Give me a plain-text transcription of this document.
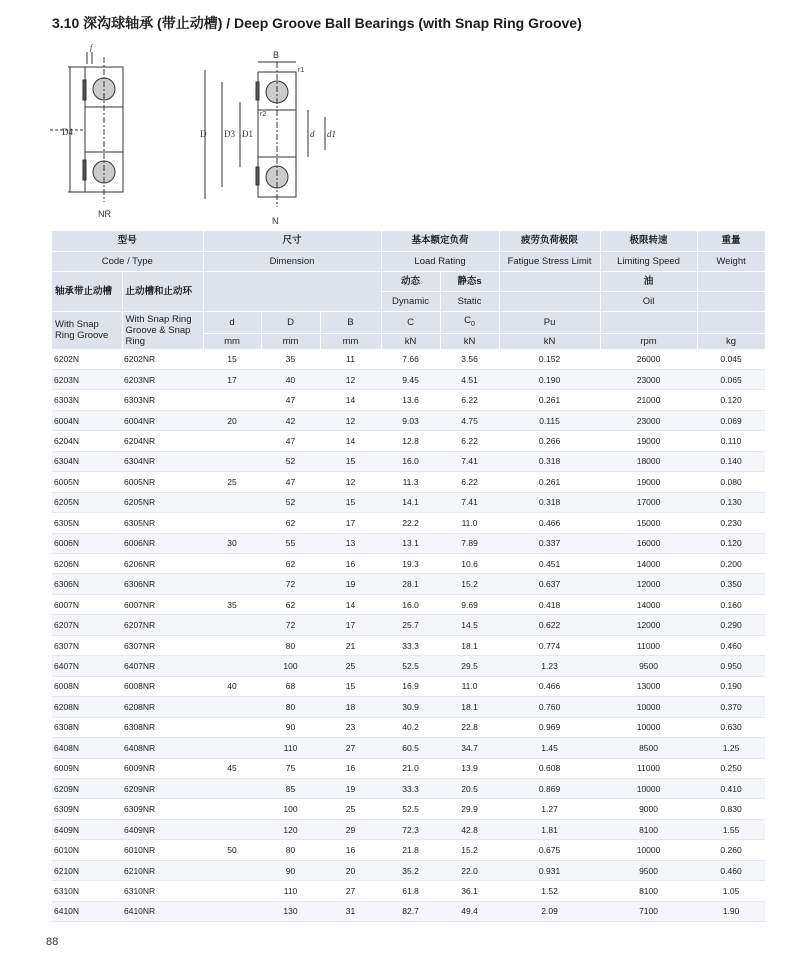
3.10 深沟球轴承 (带止动槽) / Deep Groove Ball Bearings (with Snap Ring Groove)
D4
f
NR
D D3 D1	d d1
B
r1
r2
N
型号		尺寸			基本额定负荷		疲劳负荷极限	极限转速	重量
Code / Type		Dimension			Load Rating		Fatigue Stress Limit	Limiting Speed	Weight
轴承带止动槽	止动槽和止动环				动态	静态s		油	
					Dynamic	Static		Oil	
With Snap Ring Groove	With Snap Ring Groove & Snap Ring	d	D	B	C	$C_0$	Pu		
		mm	mm	mm	kN	kN	kN	rpm	kg
6202N	6202NR	15	35	11	7.66	3.56	0.152	26000	0.045
6203N	6203NR	17	40	12	9.45	4.51	0.190	23000	0.065
6303N	6303NR		47	14	13.6	6.22	0.261	21000	0.120
6004N	6004NR	20	42	12	9.03	4.75	0.115	23000	0.069
6204N	6204NR		47	14	12.8	6.22	0.266	19000	0.110
6304N	6304NR		52	15	16.0	7.41	0.318	18000	0.140
6005N	6005NR	25	47	12	11.3	6.22	0.261	19000	0.080
6205N	6205NR		52	15	14.1	7.41	0.318	17000	0.130
6305N	6305NR		62	17	22.2	11.0	0.466	15000	0.230
6006N	6006NR	30	55	13	13.1	7.89	0.337	16000	0.120
6206N	6206NR		62	16	19.3	10.6	0.451	14000	0.200
6306N	6306NR		72	19	28.1	15.2	0.637	12000	0.350
6007N	6007NR	35	62	14	16.0	9.69	0.418	14000	0.160
6207N	6207NR		72	17	25.7	14.5	0.622	12000	0.290
6307N	6307NR		80	21	33.3	18.1	0.774	11000	0.460
6407N	6407NR		100	25	52.5	29.5	1.23	9500	0.950
6008N	6008NR	40	68	15	16.9	11.0	0.466	13000	0.190
6208N	6208NR		80	18	30.9	18.1	0.760	10000	0.370
6308N	6308NR		90	23	40.2	22.8	0.969	10000	0.630
6408N	6408NR		110	27	60.5	34.7	1.45	8500	1.25
6009N	6009NR	45	75	16	21.0	13.9	0.608	11000	0.250
6209N	6209NR		85	19	33.3	20.5	0.869	10000	0.410
6309N	6309NR		100	25	52.5	29.9	1.27	9000	0.830
6409N	6409NR		120	29	72.3	42.8	1.81	8100	1.55
6010N	6010NR	50	80	16	21.8	15.2	0.675	10000	0.260
6210N	6210NR		90	20	35.2	22.0	0.931	9500	0.460
6310N	6310NR		110	27	61.8	36.1	1.52	8100	1.05
6410N	6410NR		130	31	82.7	49.4	2.09	7100	1.90
88
